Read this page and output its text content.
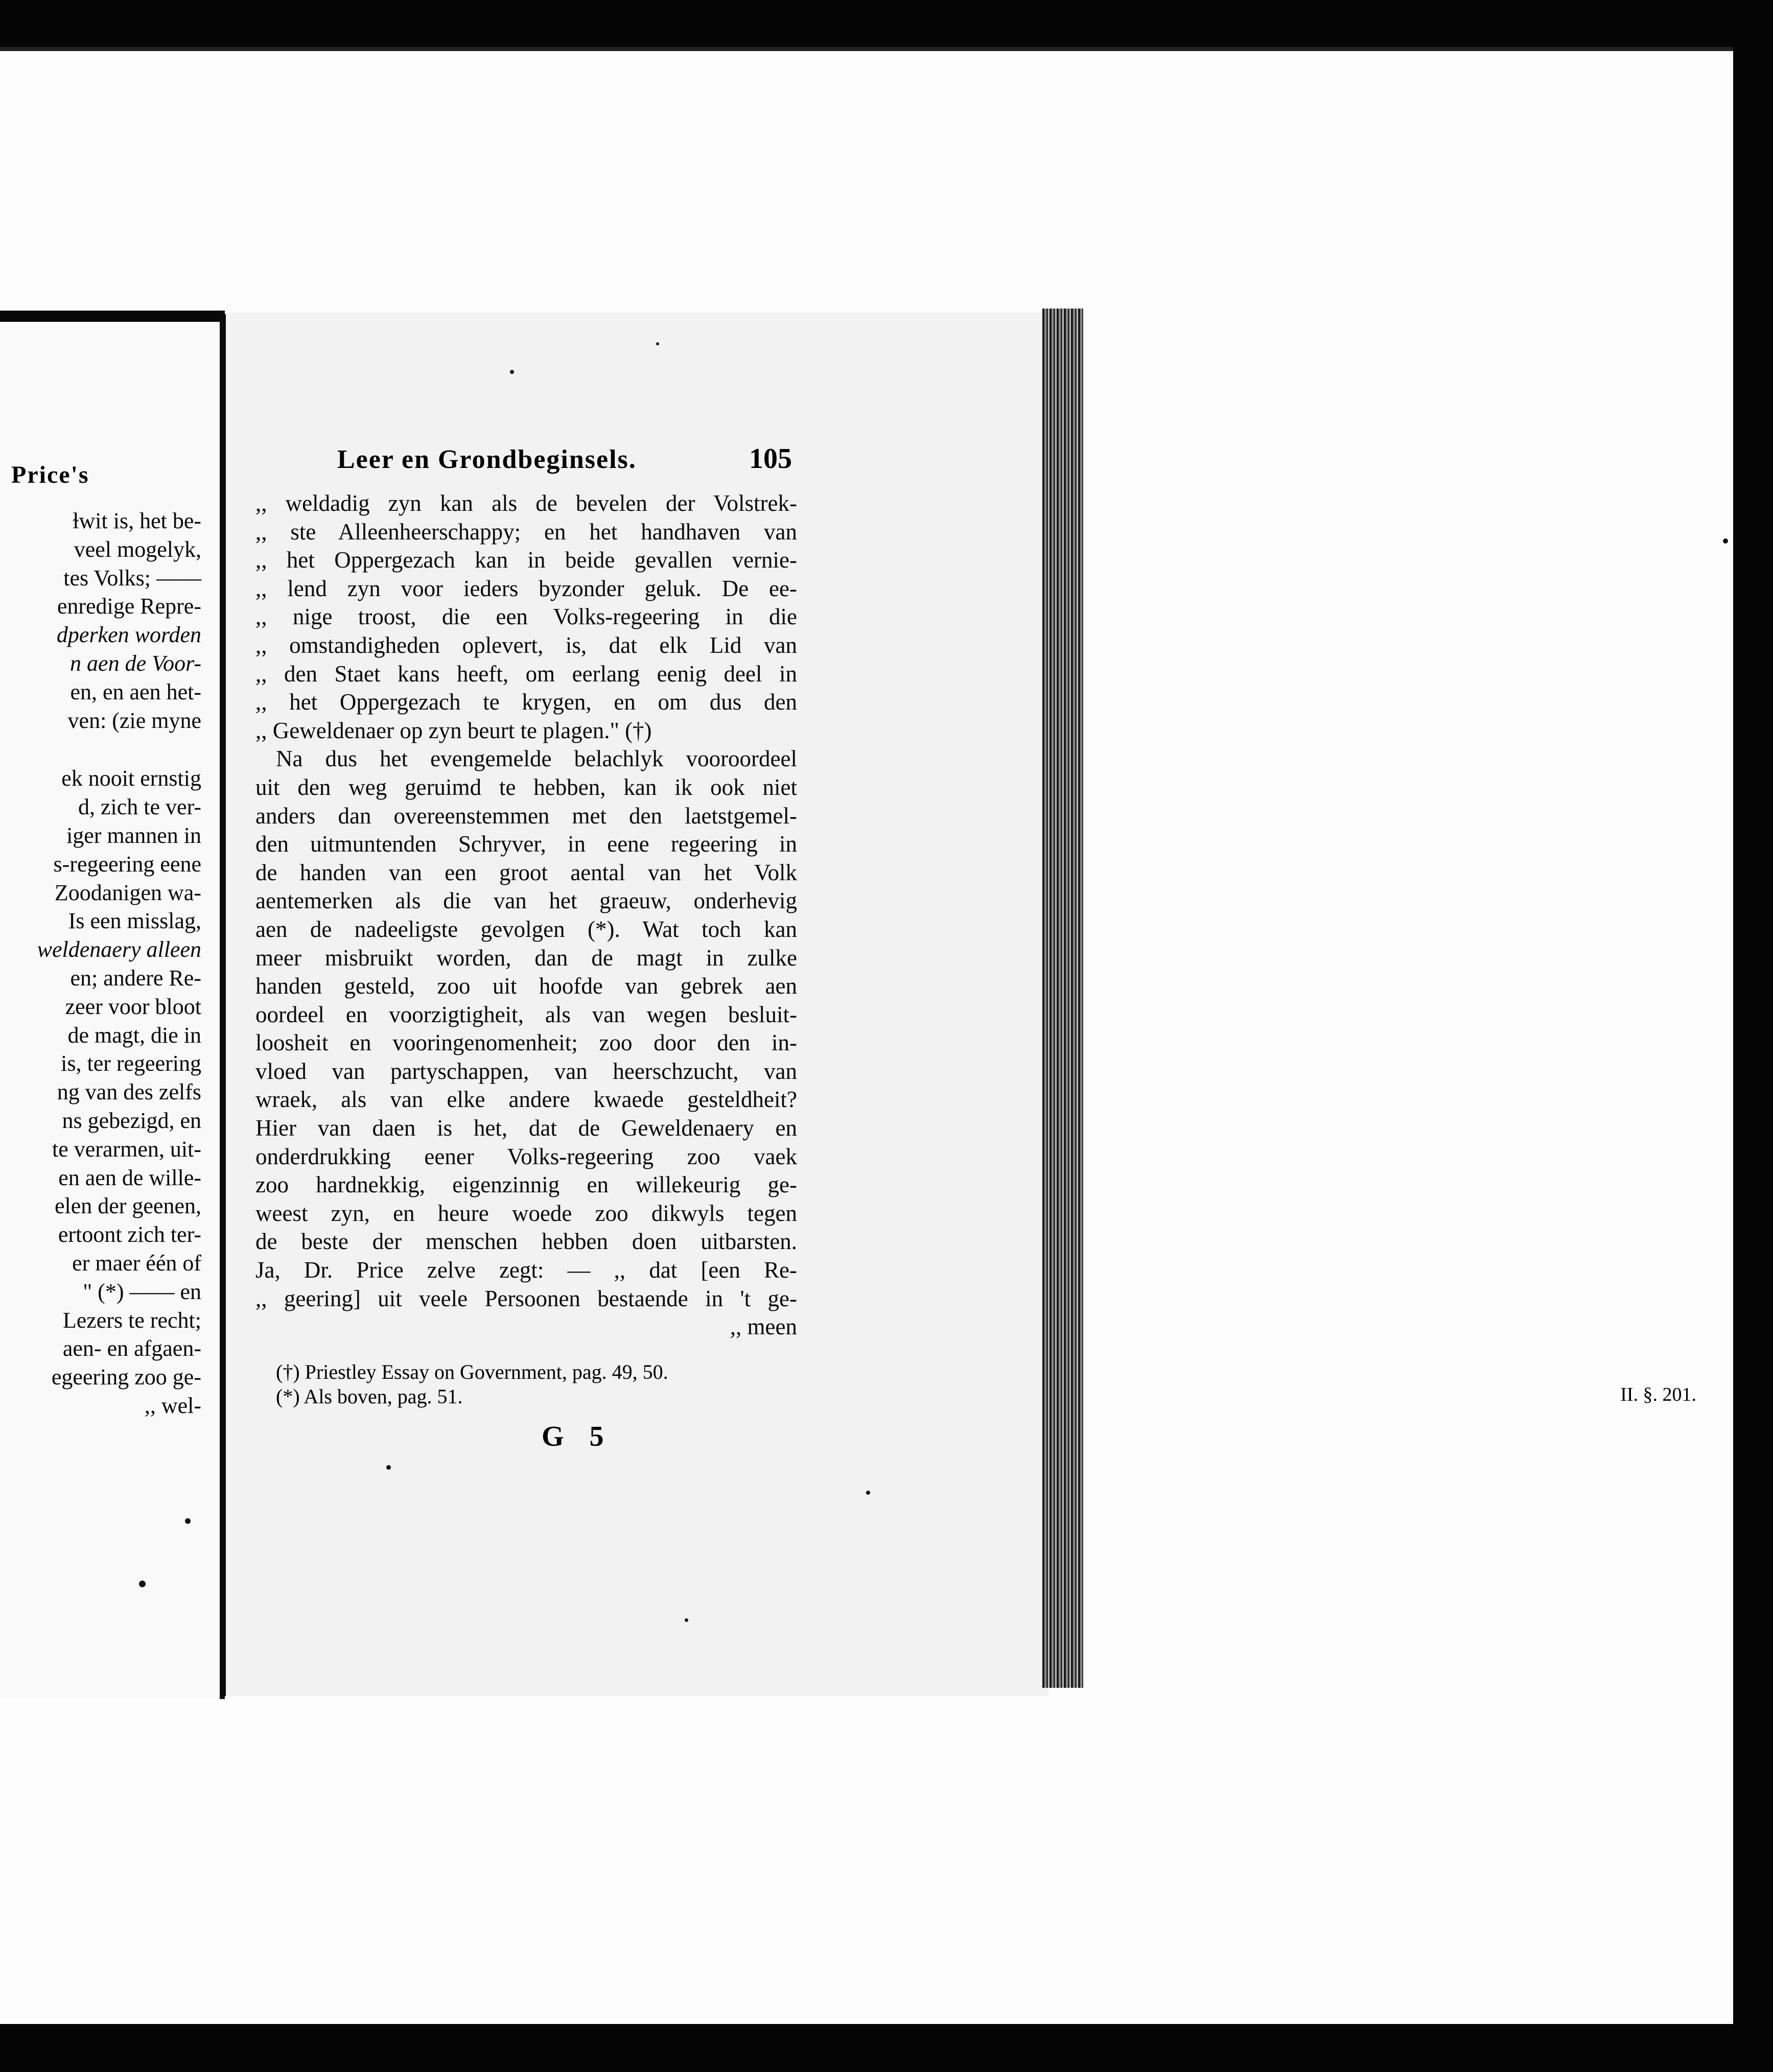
Price's
ɫwit is, het be-
veel mogelyk,
tes Volks; ——
enredige Repre-
dperken worden
n aen de Voor-
en, en aen het-
ven: (zie myne
ek nooit ernstig
d, zich te ver-
iger mannen in
s-regeering eene
Zoodanigen wa-
Is een misslag,
weldenaery alleen
en; andere Re-
zeer voor bloot
de magt, die in
is, ter regeering
ng van des zelfs
ns gebezigd, en
te verarmen, uit-
en aen de wille-
elen der geenen,
ertoont zich ter-
er maer één of
" (*) —— en
Lezers te recht;
aen- en afgaen-
egeering zoo ge-
,, wel-	II. §. 201.
Leer en Grondbeginsels.	105
,, weldadig zyn kan als de bevelen der Volstrek-
,, ste Alleenheerschappy; en het handhaven van
,, het Oppergezach kan in beide gevallen vernie-
,, lend zyn voor ieders byzonder geluk. De ee-
,, nige troost, die een Volks-regeering in die
,, omstandigheden oplevert, is, dat elk Lid van
,, den Staet kans heeft, om eerlang eenig deel in
,, het Oppergezach te krygen, en om dus den
,, Geweldenaer op zyn beurt te plagen." (†)
Na dus het evengemelde belachlyk vooroordeel
uit den weg geruimd te hebben, kan ik ook niet
anders dan overeenstemmen met den laetstgemel-
den uitmuntenden Schryver, in eene regeering in
de handen van een groot aental van het Volk
aentemerken als die van het graeuw, onderhevig
aen de nadeeligste gevolgen (*). Wat toch kan
meer misbruikt worden, dan de magt in zulke
handen gesteld, zoo uit hoofde van gebrek aen
oordeel en voorzigtigheit, als van wegen besluit-
loosheit en vooringenomenheit; zoo door den in-
vloed van partyschappen, van heerschzucht, van
wraek, als van elke andere kwaede gesteldheit?
Hier van daen is het, dat de Geweldenaery en
onderdrukking eener Volks-regeering zoo vaek
zoo hardnekkig, eigenzinnig en willekeurig ge-
weest zyn, en heure woede zoo dikwyls tegen
de beste der menschen hebben doen uitbarsten.
Ja, Dr. Price zelve zegt: — ,, dat [een Re-
,, geering] uit veele Persoonen bestaende in 't ge-
,, meen
(†) Priestley Essay on Government, pag. 49, 50.
(*) Als boven, pag. 51.
G 5
